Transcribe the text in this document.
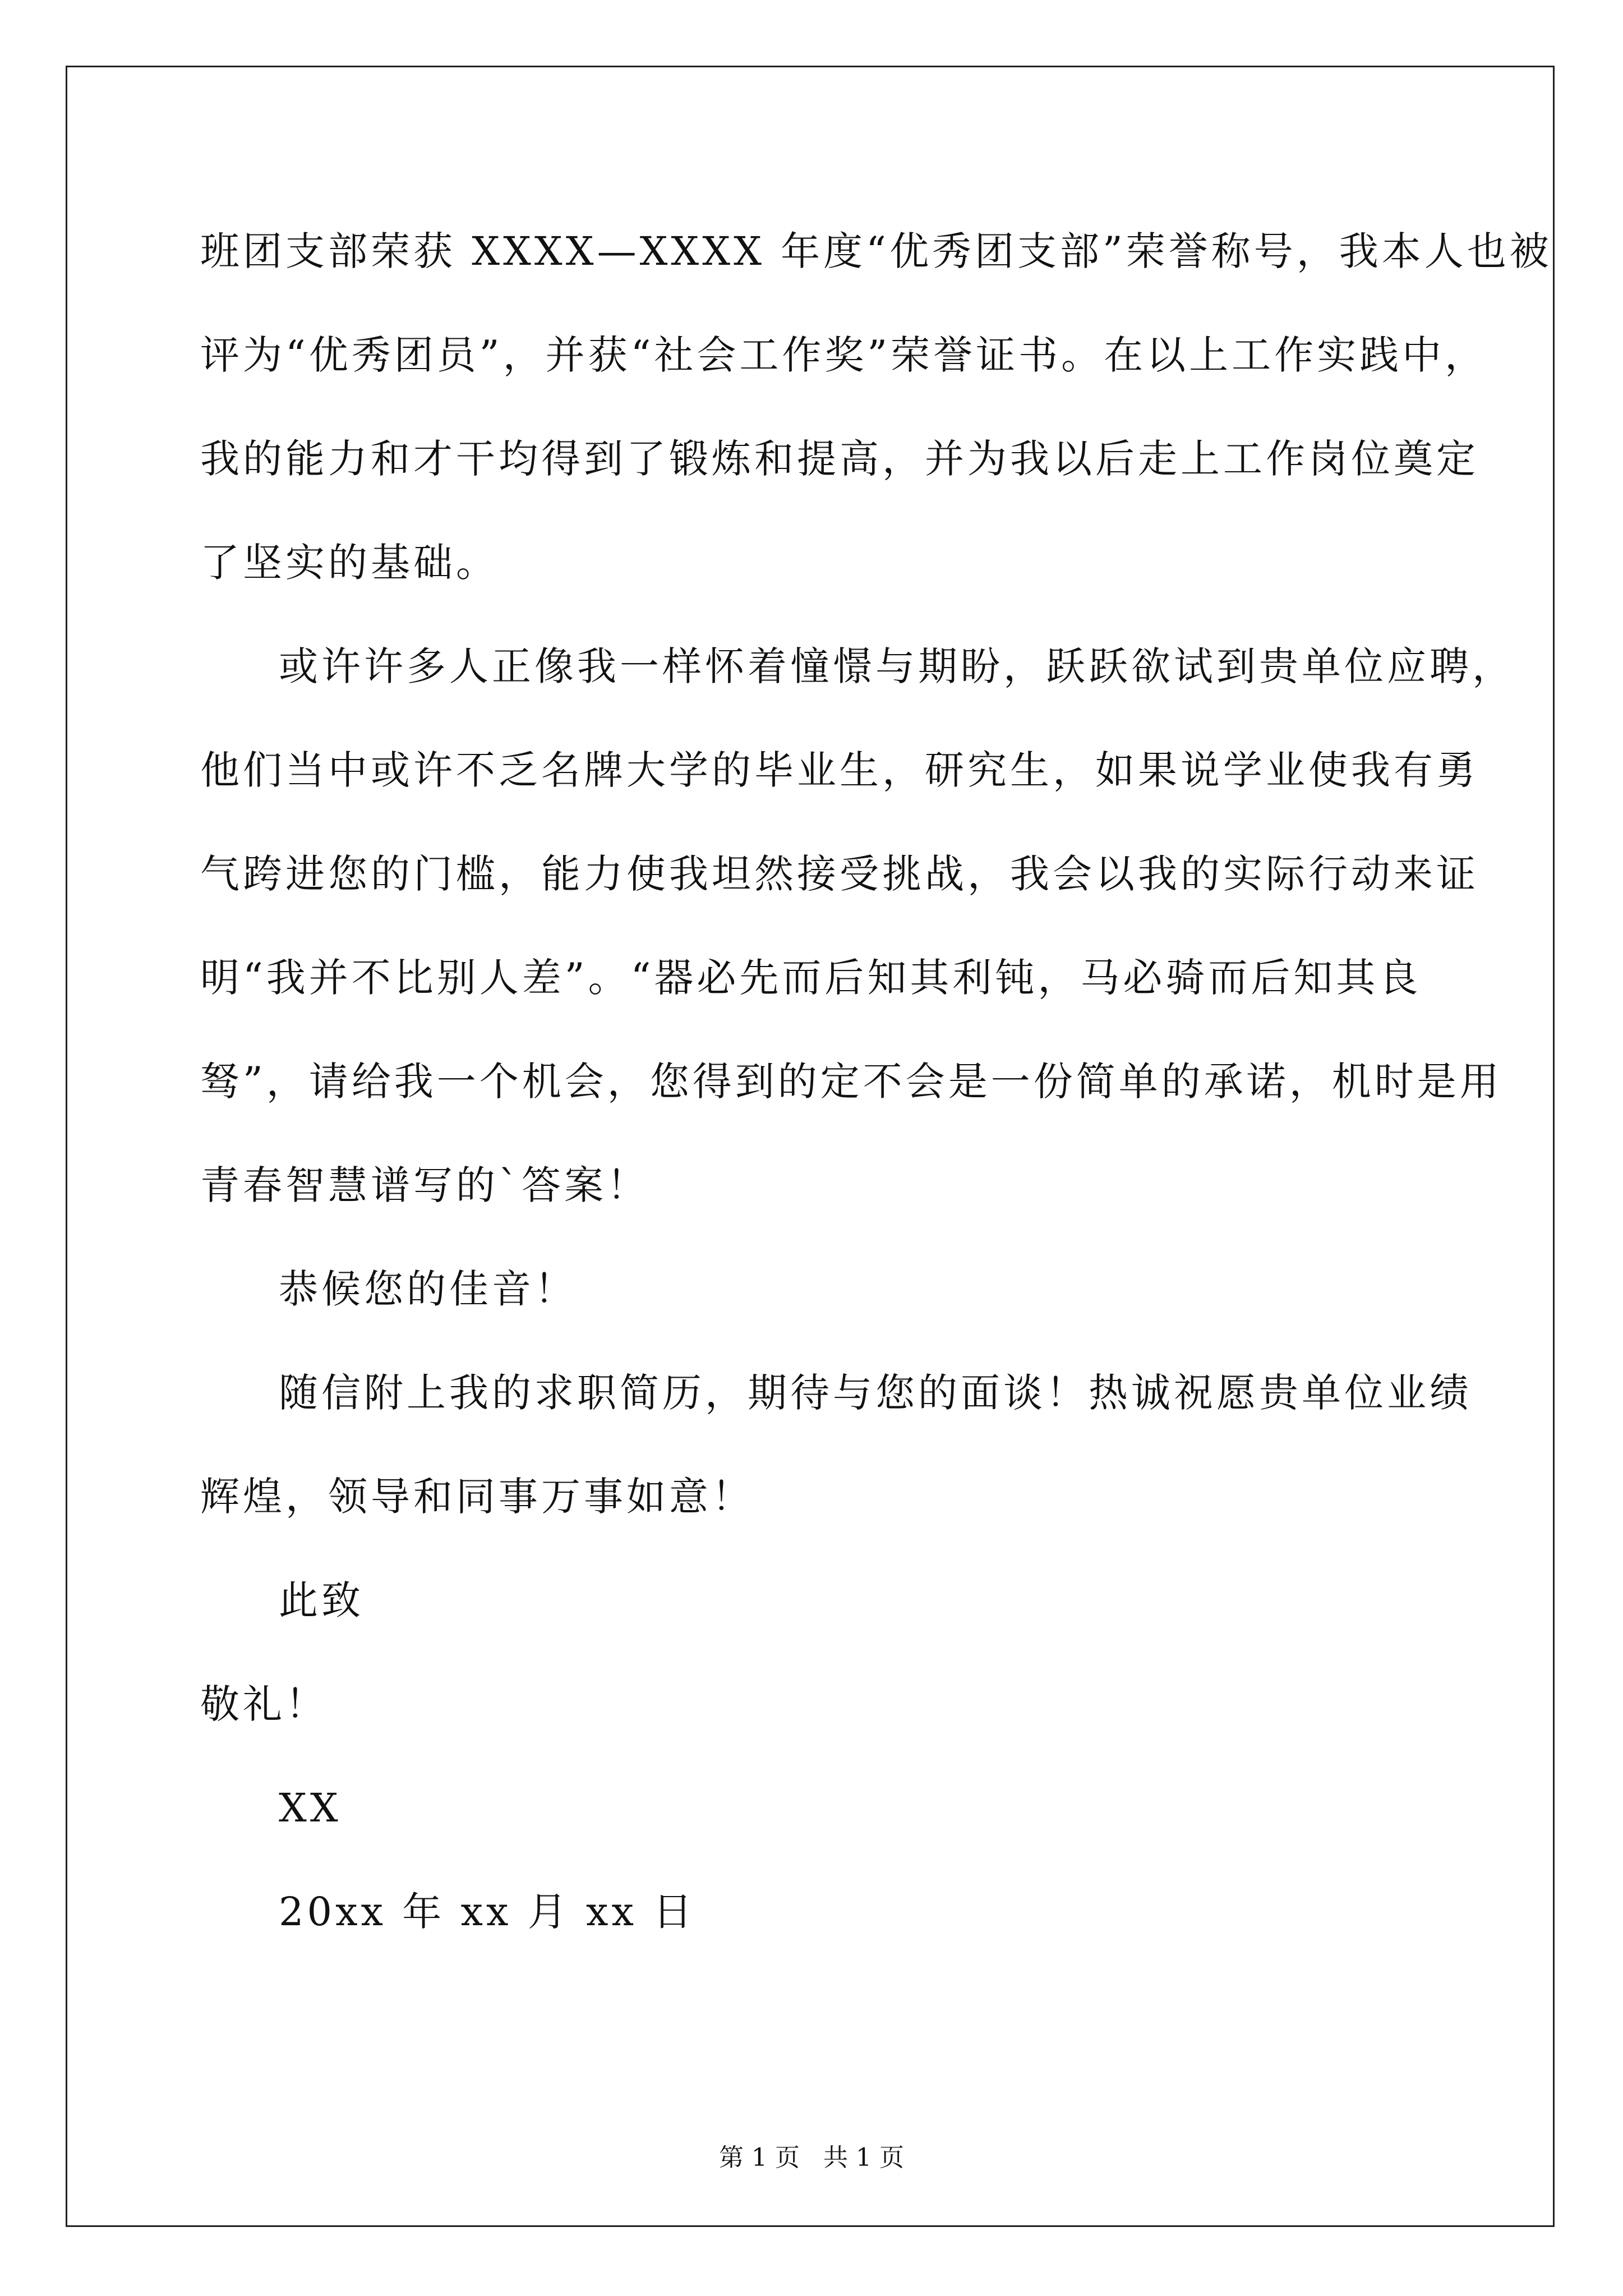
班团支部荣获 XXXX—XXXX 年度“优秀团支部”荣誉称号，我本人也被
评为“优秀团员”，并获“社会工作奖”荣誉证书。在以上工作实践中，
我的能力和才干均得到了锻炼和提高，并为我以后走上工作岗位奠定
了坚实的基础。
或许许多人正像我一样怀着憧憬与期盼，跃跃欲试到贵单位应聘，
他们当中或许不乏名牌大学的毕业生，研究生，如果说学业使我有勇
气跨进您的门槛，能力使我坦然接受挑战，我会以我的实际行动来证
明“我并不比别人差”。“器必先而后知其利钝，马必骑而后知其良
驽”，请给我一个机会，您得到的定不会是一份简单的承诺，机时是用
青春智慧谱写的`答案！
恭候您的佳音！
随信附上我的求职简历，期待与您的面谈！热诚祝愿贵单位业绩
辉煌，领导和同事万事如意！
此致
敬礼！
XX
20xx 年 xx 月 xx 日
第 1 页   共 1 页
